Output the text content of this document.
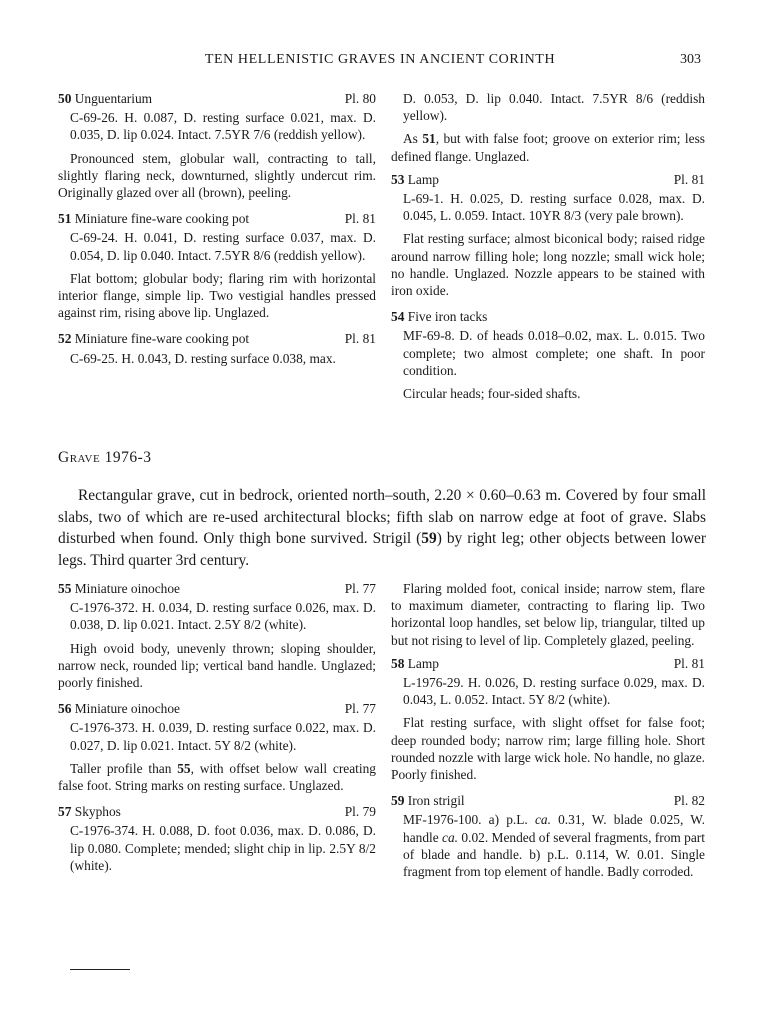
TEN HELLENISTIC GRAVES IN ANCIENT CORINTH	303
50 Unguentarium	Pl. 80

C-69-26. H. 0.087, D. resting surface 0.021, max. D. 0.035, D. lip 0.024. Intact. 7.5YR 7/6 (reddish yellow).

Pronounced stem, globular wall, contracting to tall, slightly flaring neck, downturned, slightly undercut rim. Originally glazed over all (brown), peeling.

51 Miniature fine-ware cooking pot	Pl. 81

C-69-24. H. 0.041, D. resting surface 0.037, max. D. 0.054, D. lip 0.040. Intact. 7.5YR 8/6 (reddish yellow).

Flat bottom; globular body; flaring rim with horizontal interior flange, simple lip. Two vestigial handles pressed against rim, rising above lip. Unglazed.

52 Miniature fine-ware cooking pot	Pl. 81

C-69-25. H. 0.043, D. resting surface 0.038, max.

D. 0.053, D. lip 0.040. Intact. 7.5YR 8/6 (reddish yellow).

As 51, but with false foot; groove on exterior rim; less defined flange. Unglazed.

53 Lamp	Pl. 81

L-69-1. H. 0.025, D. resting surface 0.028, max. D. 0.045, L. 0.059. Intact. 10YR 8/3 (very pale brown).

Flat resting surface; almost biconical body; raised ridge around narrow filling hole; long nozzle; small wick hole; no handle. Unglazed. Nozzle appears to be stained with iron oxide.

54 Five iron tacks

MF-69-8. D. of heads 0.018–0.02, max. L. 0.015. Two complete; two almost complete; one shaft. In poor condition.

Circular heads; four-sided shafts.

Grave 1976-3

Rectangular grave, cut in bedrock, oriented north–south, 2.20 × 0.60–0.63 m. Covered by four small slabs, two of which are re-used architectural blocks; fifth slab on narrow edge at foot of grave. Slabs disturbed when found. Only thigh bone survived. Strigil (59) by right leg; other objects between lower legs. Third quarter 3rd century.

55 Miniature oinochoe	Pl. 77

C-1976-372. H. 0.034, D. resting surface 0.026, max. D. 0.038, D. lip 0.021. Intact. 2.5Y 8/2 (white).

High ovoid body, unevenly thrown; sloping shoulder, narrow neck, rounded lip; vertical band handle. Unglazed; poorly finished.

56 Miniature oinochoe	Pl. 77

C-1976-373. H. 0.039, D. resting surface 0.022, max. D. 0.027, D. lip 0.021. Intact. 5Y 8/2 (white).

Taller profile than 55, with offset below wall creating false foot. String marks on resting surface. Unglazed.

57 Skyphos	Pl. 79

C-1976-374. H. 0.088, D. foot 0.036, max. D. 0.086, D. lip 0.080. Complete; mended; slight chip in lip. 2.5Y 8/2 (white).

Flaring molded foot, conical inside; narrow stem, flare to maximum diameter, contracting to flaring lip. Two horizontal loop handles, set below lip, triangular, tilted up but not rising to level of lip. Completely glazed, peeling.

58 Lamp	Pl. 81

L-1976-29. H. 0.026, D. resting surface 0.029, max. D. 0.043, L. 0.052. Intact. 5Y 8/2 (white).

Flat resting surface, with slight offset for false foot; deep rounded body; narrow rim; large filling hole. Short rounded nozzle with large wick hole. No handle, no glaze. Poorly finished.

59 Iron strigil	Pl. 82

MF-1976-100. a) p.L. ca. 0.31, W. blade 0.025, W. handle ca. 0.02. Mended of several fragments, from part of blade and handle. b) p.L. 0.114, W. 0.01. Single fragment from top element of handle. Badly corroded.
